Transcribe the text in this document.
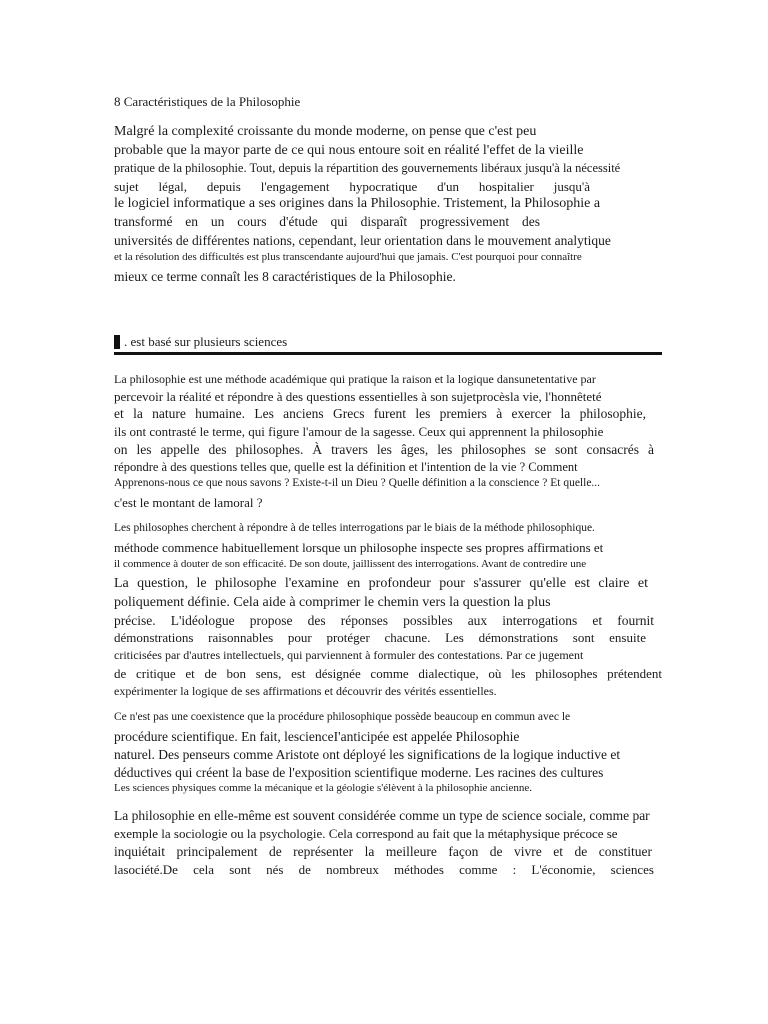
8 Caractéristiques de la Philosophie

Malgré la complexité croissante du monde moderne, on pense que c'est peu

probable que la mayor parte de ce qui nous entoure soit en réalité l'effet de la vieille

pratique de la philosophie. Tout, depuis la répartition des gouvernements libéraux jusqu'à la nécessité

sujet légal, depuis l'engagement hypocratique d'un hospitalier jusqu'à

le logiciel informatique a ses origines dans la Philosophie. Tristement, la Philosophie a

transformé en un cours d'étude qui disparaît progressivement des

universités de différentes nations, cependant, leur orientation dans le mouvement analytique

et la résolution des difficultés est plus transcendante aujourd'hui que jamais. C'est pourquoi pour connaître

mieux ce terme connaît les 8 caractéristiques de la Philosophie.

. est basé sur plusieurs sciences

La philosophie est une méthode académique qui pratique la raison et la logique dansunetentative par

percevoir la réalité et répondre à des questions essentielles à son sujetprocèsla vie, l'honnêteté

et la nature humaine. Les anciens Grecs furent les premiers à exercer la philosophie,

ils ont contrasté le terme, qui figure l'amour de la sagesse. Ceux qui apprennent la philosophie

on les appelle des philosophes. À travers les âges, les philosophes se sont consacrés à

répondre à des questions telles que, quelle est la définition et l'intention de la vie ? Comment

Apprenons-nous ce que nous savons ? Existe-t-il un Dieu ? Quelle définition a la conscience ? Et quelle...

c'est le montant de lamoral ?

Les philosophes cherchent à répondre à de telles interrogations par le biais de la méthode philosophique.

méthode commence habituellement lorsque un philosophe inspecte ses propres affirmations et

il commence à douter de son efficacité. De son doute, jaillissent des interrogations. Avant de contredire une

La question, le philosophe l'examine en profondeur pour s'assurer qu'elle est claire et

poliquement définie. Cela aide à comprimer le chemin vers la question la plus

précise. L'idéologue propose des réponses possibles aux interrogations et fournit

démonstrations raisonnables pour protéger chacune. Les démonstrations sont ensuite

criticisées par d'autres intellectuels, qui parviennent à formuler des contestations. Par ce jugement

de critique et de bon sens, est désignée comme dialectique, où les philosophes prétendent

expérimenter la logique de ses affirmations et découvrir des vérités essentielles.

Ce n'est pas une coexistence que la procédure philosophique possède beaucoup en commun avec le

procédure scientifique. En fait, lescienceI'anticipée est appelée Philosophie

naturel. Des penseurs comme Aristote ont déployé les significations de la logique inductive et

déductives qui créent la base de l'exposition scientifique moderne. Les racines des cultures

Les sciences physiques comme la mécanique et la géologie s'élèvent à la philosophie ancienne.

La philosophie en elle-même est souvent considérée comme un type de science sociale, comme par

exemple la sociologie ou la psychologie. Cela correspond au fait que la métaphysique précoce se

inquiétait principalement de représenter la meilleure façon de vivre et de constituer

lasociété.De cela sont nés de nombreux méthodes comme : L'économie, sciences
